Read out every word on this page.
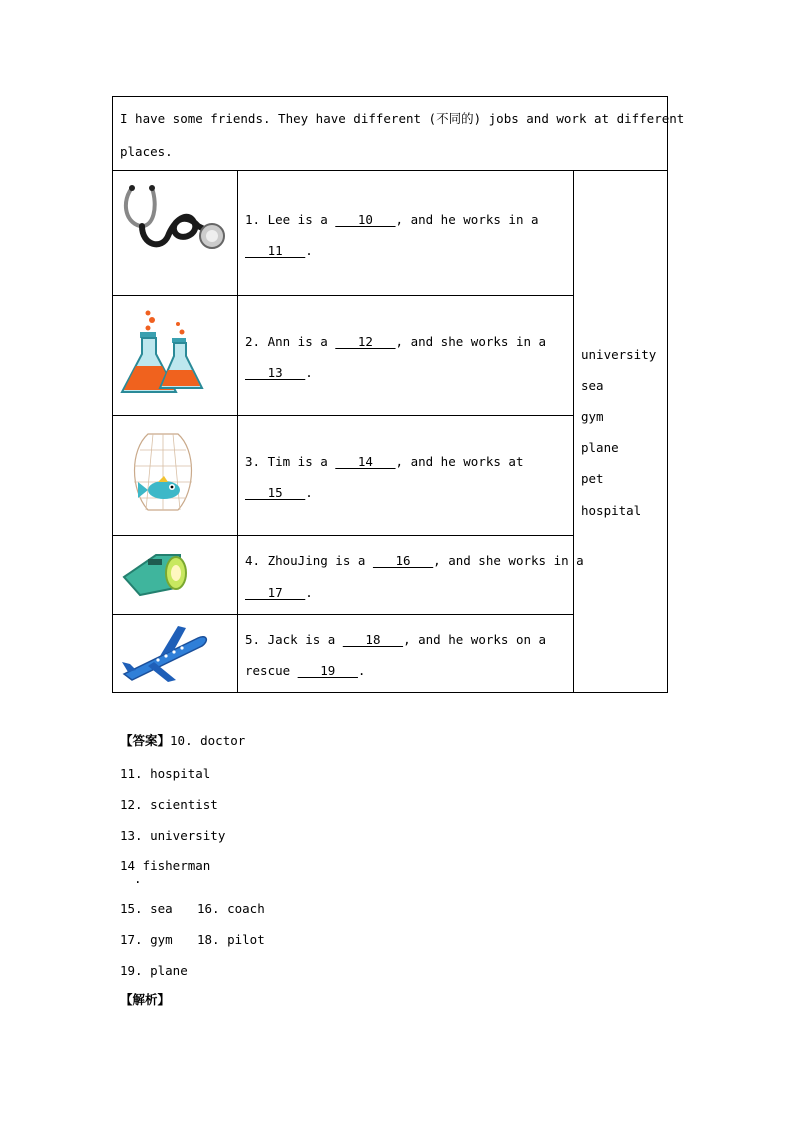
I have some friends. They have different (不同的) jobs and work at different
places.
1. Lee is a ___10___, and he works in a
___11___.
2. Ann is a ___12___, and she works in a
___13___.
3. Tim is a ___14___, and he works at
___15___.
4. ZhouJing is a ___16___, and she works in a
___17___.
5. Jack is a ___18___, and he works on a
rescue ___19___.
university
sea
gym
plane
pet
hospital
【答案】10. doctor
11. hospital
12. scientist
13. university
14 fisherman
.
15. sea 16. coach
17. gym 18. pilot
19. plane
【解析】
